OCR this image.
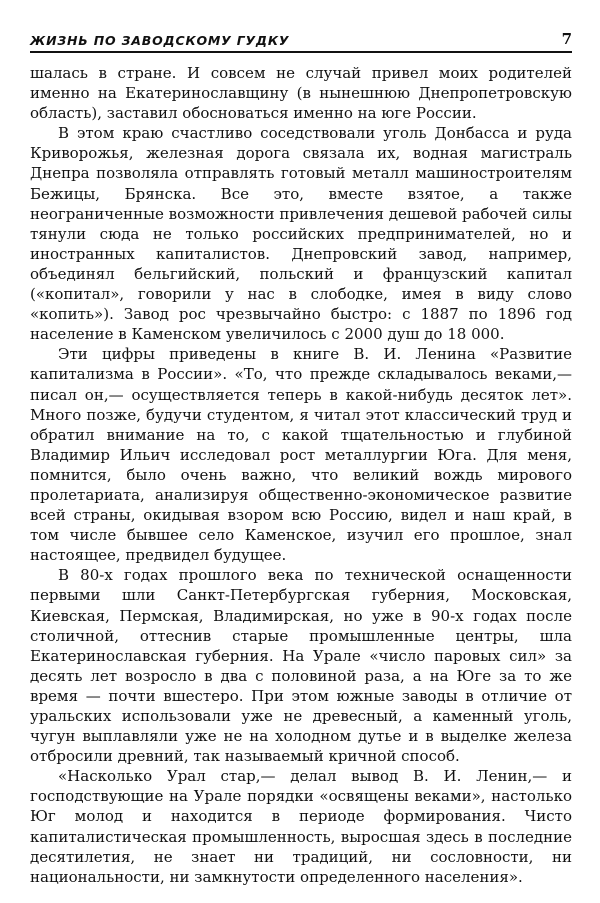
ЖИЗНЬ ПО ЗАВОДСКОМУ ГУДКУ	7

шалась в стране. И совсем не случай привел моих родителей именно на Екатеринославщину (в нынешнюю Днепропетровскую область), заставил обосноваться именно на юге России.

В этом краю счастливо соседствовали уголь Донбасса и руда Криворожья, железная дорога связала их, водная магистраль Днепра позволяла отправлять готовый металл машиностроителям Бежицы, Брянска. Все это, вместе взятое, а также неограниченные возможности привлечения дешевой рабочей силы тянули сюда не только российских предпринимателей, но и иностранных капиталистов. Днепровский завод, например, объединял бельгийский, польский и французский капитал («копитал», говорили у нас в слободке, имея в виду слово «копить»). Завод рос чрезвычайно быстро: с 1887 по 1896 год население в Каменском увеличилось с 2000 душ до 18 000.

Эти цифры приведены в книге В. И. Ленина «Развитие капитализма в России». «То, что прежде складывалось веками,— писал он,— осуществляется теперь в какой-нибудь десяток лет». Много позже, будучи студентом, я читал этот классический труд и обратил внимание на то, с какой тщательностью и глубиной Владимир Ильич исследовал рост металлургии Юга. Для меня, помнится, было очень важно, что великий вождь мирового пролетариата, анализируя общественно-экономическое развитие всей страны, окидывая взором всю Россию, видел и наш край, в том числе бывшее село Каменское, изучил его прошлое, знал настоящее, предвидел будущее.

В 80-х годах прошлого века по технической оснащенности первыми шли Санкт-Петербургская губерния, Московская, Киевская, Пермская, Владимирская, но уже в 90-х годах после столичной, оттеснив старые промышленные центры, шла Екатеринославская губерния. На Урале «число паровых сил» за десять лет возросло в два с половиной раза, а на Юге за то же время — почти вшестеро. При этом южные заводы в отличие от уральских использовали уже не древесный, а каменный уголь, чугун выплавляли уже не на холодном дутье и в выделке железа отбросили древний, так называемый кричной способ.

«Насколько Урал стар,— делал вывод В. И. Ленин,— и господствующие на Урале порядки «освящены веками», настолько Юг молод и находится в периоде формирования. Чисто капиталистическая промышленность, выросшая здесь в последние десятилетия, не знает ни традиций, ни сословности, ни национальности, ни замкнутости определенного населения».
